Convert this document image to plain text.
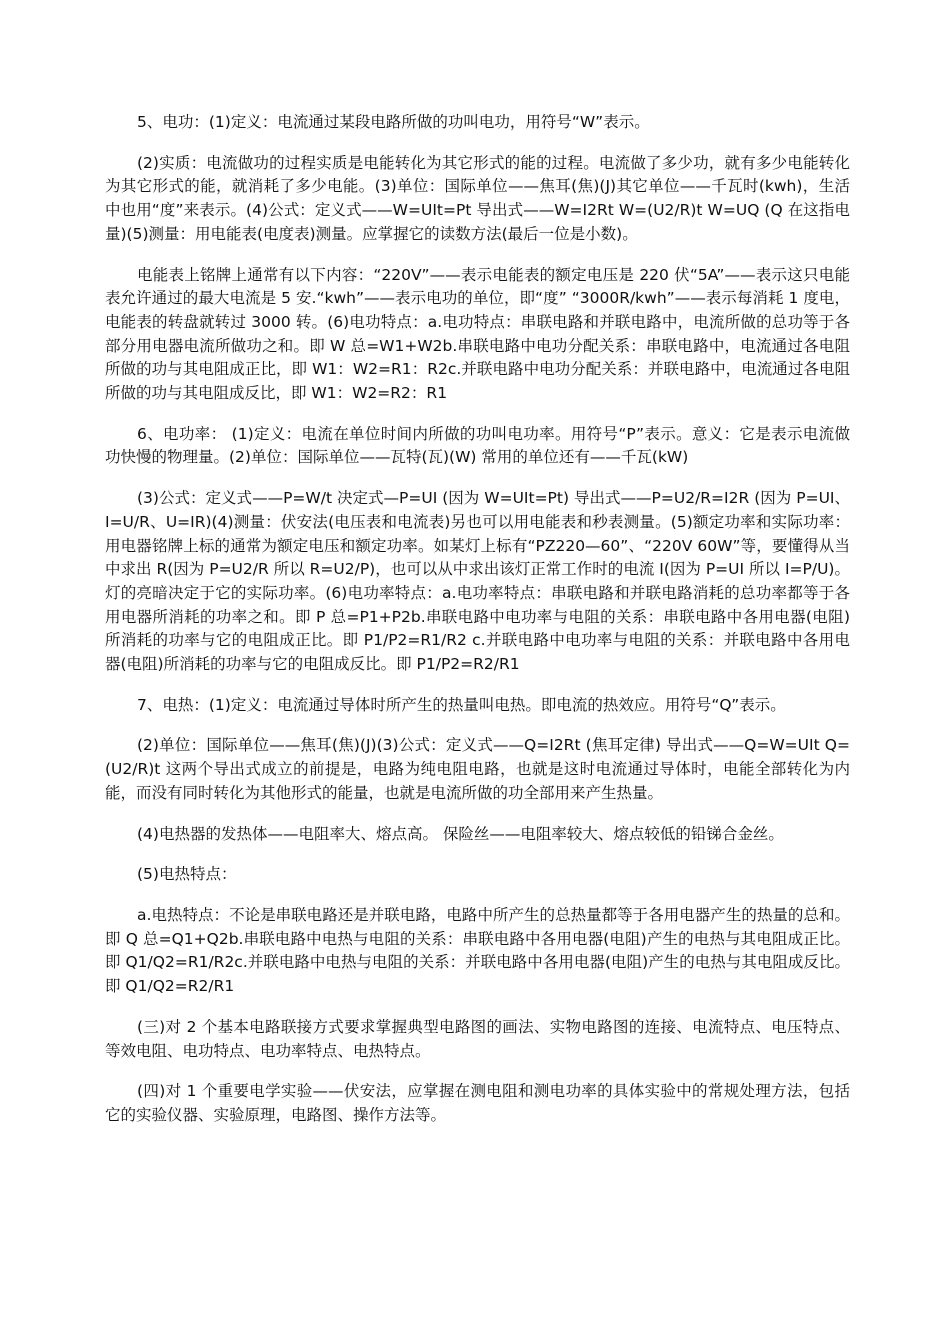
5、电功：(1)定义：电流通过某段电路所做的功叫电功，用符号“W”表示。

(2)实质：电流做功的过程实质是电能转化为其它形式的能的过程。电流做了多少功，就有多少电能转化为其它形式的能，就消耗了多少电能。(3)单位：国际单位——焦耳(焦)(J)其它单位——千瓦时(kwh)，生活中也用“度”来表示。(4)公式：定义式——W=UIt=Pt 导出式——W=I2Rt W=(U2/R)t W=UQ (Q 在这指电量)(5)测量：用电能表(电度表)测量。应掌握它的读数方法(最后一位是小数)。

电能表上铭牌上通常有以下内容：“220V”——表示电能表的额定电压是 220 伏“5A”——表示这只电能表允许通过的最大电流是 5 安.“kwh”——表示电功的单位，即“度” “3000R/kwh”——表示每消耗 1 度电，电能表的转盘就转过 3000 转。(6)电功特点：a.电功特点：串联电路和并联电路中，电流所做的总功等于各部分用电器电流所做功之和。即 W 总=W1+W2b.串联电路中电功分配关系：串联电路中，电流通过各电阻所做的功与其电阻成正比，即 W1：W2=R1：R2c.并联电路中电功分配关系：并联电路中，电流通过各电阻所做的功与其电阻成反比，即 W1：W2=R2：R1

6、电功率： (1)定义：电流在单位时间内所做的功叫电功率。用符号“P”表示。意义：它是表示电流做功快慢的物理量。(2)单位：国际单位——瓦特(瓦)(W) 常用的单位还有——千瓦(kW)

(3)公式：定义式——P=W/t 决定式—P=UI (因为 W=UIt=Pt) 导出式——P=U2/R=I2R (因为 P=UI、I=U/R、U=IR)(4)测量：伏安法(电压表和电流表)另也可以用电能表和秒表测量。(5)额定功率和实际功率：用电器铭牌上标的通常为额定电压和额定功率。如某灯上标有“PZ220—60”、“220V 60W”等，要懂得从当中求出 R(因为 P=U2/R 所以 R=U2/P)，也可以从中求出该灯正常工作时的电流 I(因为 P=UI 所以 I=P/U)。灯的亮暗决定于它的实际功率。(6)电功率特点：a.电功率特点：串联电路和并联电路消耗的总功率都等于各用电器所消耗的功率之和。即 P 总=P1+P2b.串联电路中电功率与电阻的关系：串联电路中各用电器(电阻)所消耗的功率与它的电阻成正比。即 P1/P2=R1/R2 c.并联电路中电功率与电阻的关系：并联电路中各用电器(电阻)所消耗的功率与它的电阻成反比。即 P1/P2=R2/R1

7、电热：(1)定义：电流通过导体时所产生的热量叫电热。即电流的热效应。用符号“Q”表示。

(2)单位：国际单位——焦耳(焦)(J)(3)公式：定义式——Q=I2Rt (焦耳定律) 导出式——Q=W=UIt Q=(U2/R)t 这两个导出式成立的前提是，电路为纯电阻电路，也就是这时电流通过导体时，电能全部转化为内能，而没有同时转化为其他形式的能量，也就是电流所做的功全部用来产生热量。

(4)电热器的发热体——电阻率大、熔点高。 保险丝——电阻率较大、熔点较低的铅锑合金丝。

(5)电热特点：

a.电热特点：不论是串联电路还是并联电路，电路中所产生的总热量都等于各用电器产生的热量的总和。即 Q 总=Q1+Q2b.串联电路中电热与电阻的关系：串联电路中各用电器(电阻)产生的电热与其电阻成正比。即 Q1/Q2=R1/R2c.并联电路中电热与电阻的关系：并联电路中各用电器(电阻)产生的电热与其电阻成反比。即 Q1/Q2=R2/R1

(三)对 2 个基本电路联接方式要求掌握典型电路图的画法、实物电路图的连接、电流特点、电压特点、等效电阻、电功特点、电功率特点、电热特点。

(四)对 1 个重要电学实验——伏安法，应掌握在测电阻和测电功率的具体实验中的常规处理方法，包括它的实验仪器、实验原理，电路图、操作方法等。
